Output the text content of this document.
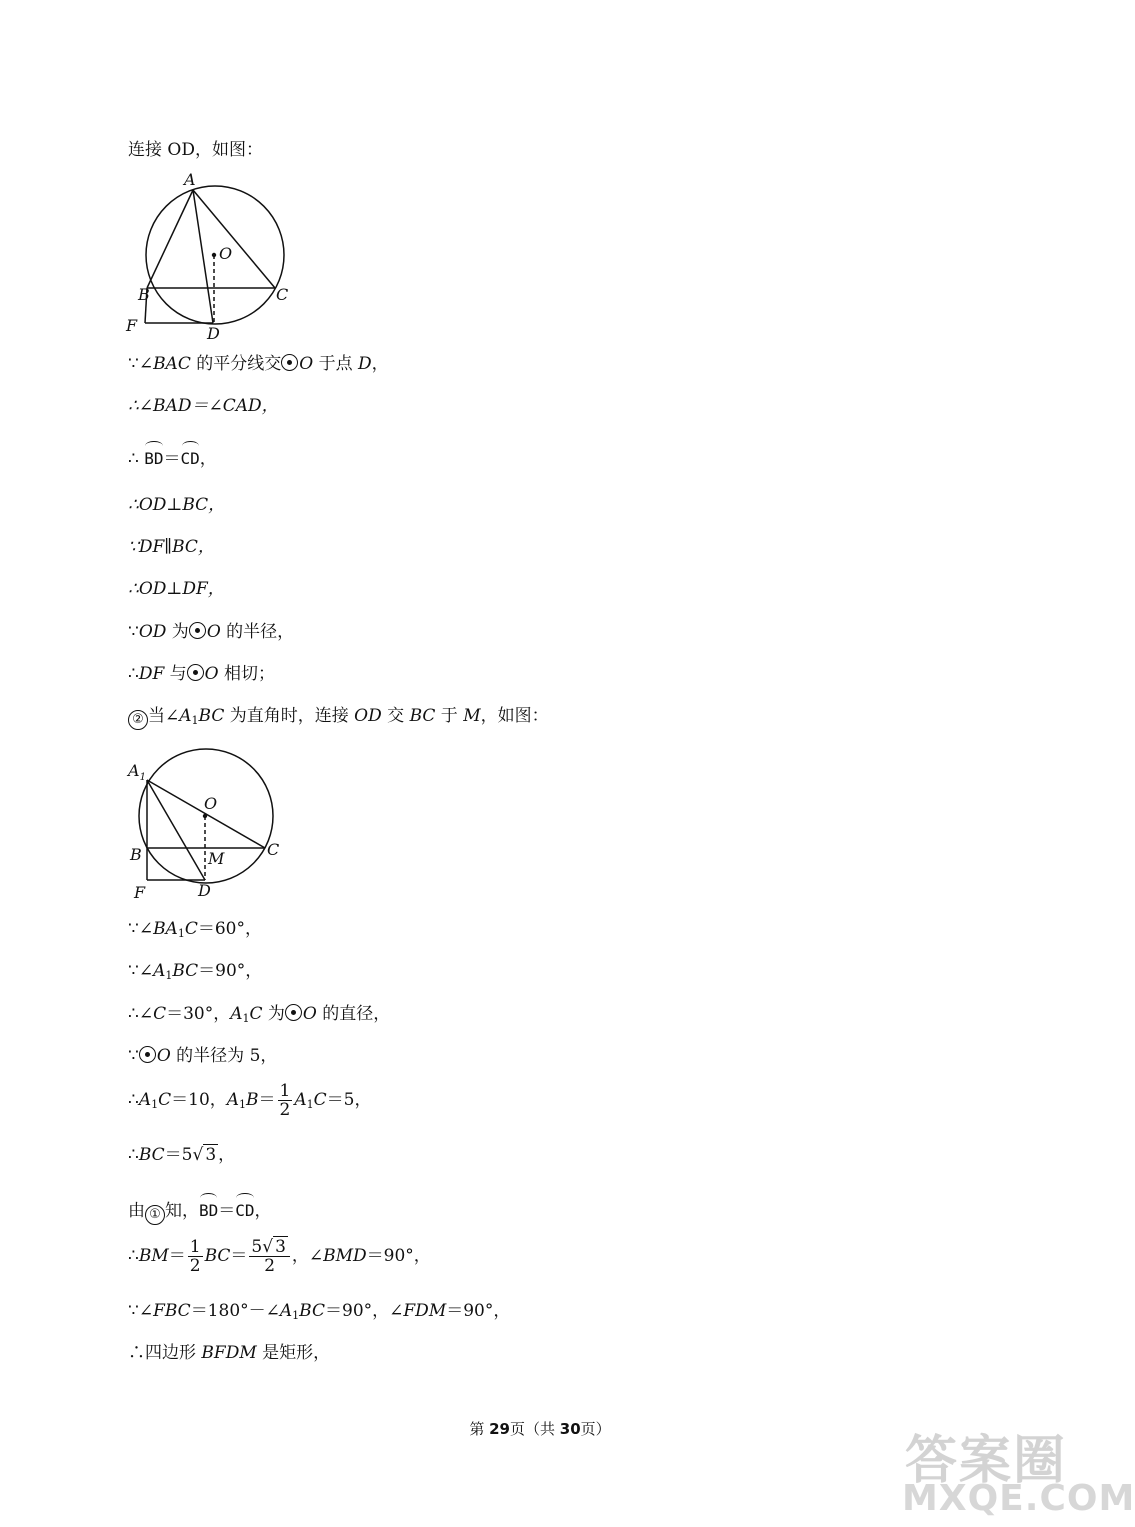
连接 OD，如图：
A
O
B	C
F	D
∵∠BAC 的平分线交 O 于点 D，
∴∠BAD＝∠CAD，
∴ BD＝CD，
∴OD⊥BC，
∵DF∥BC，
∴OD⊥DF，
∵OD 为 O 的半径，
∴DF 与 O 相切；
② 当$\angle A_1BC$ 为直角时，连接 OD 交 BC 于 M，如图：
$A_1$
O
B	M	C
F	D
$\because\angle BA_1C=60^\circ$，
$\because\angle A_1BC=90^\circ$，
∴∠C＝30°，$A_1C$ 为 O 的直径，
∵ O 的半径为 5，
$\therefore A_1C=10$，$A_1B= \frac{1}{2} A_1C=5$，
∴BC＝5√ 3 ，
由 ① 知，BD＝CD，
∴BM＝ $\frac{1}{2} BC= \frac{5√ 3}{2}$ ，∠BMD＝90°，
$\because\angle FBC=180^\circ-\angle A_1BC=90^\circ$，∠FDM＝90°，
∴四边形 BFDM 是矩形，
第 29页（共 30页）
答案圈
MXQE.COM
